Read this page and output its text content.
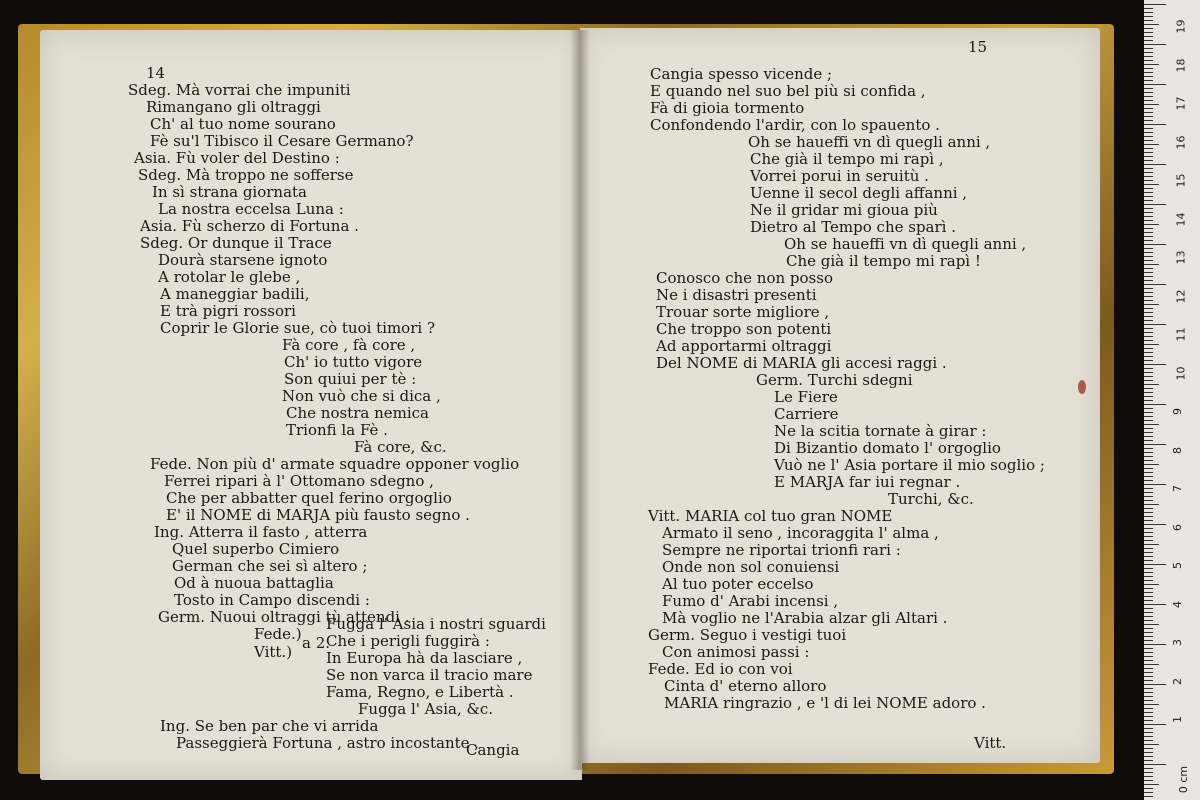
Sdeg. Mà vorrai che impuniti
Rimangano gli oltraggi
Ch' al tuo nome sourano
Fè su'l Tibisco il Cesare Germano?
Asia. Fù voler del Destino :
Sdeg. Mà troppo ne sofferse
In sì strana giornata
La nostra eccelsa Luna :
Asia. Fù scherzo di Fortuna .
Sdeg. Or dunque il Trace
Dourà starsene ignoto
A rotolar le glebe ,
A maneggiar badili,
E trà pigri rossori
Coprir le Glorie sue, cò tuoi timori ?
Fà core , fà core ,
Ch' io tutto vigore
Son quiui per tè :
Non vuò che si dica ,
Che nostra nemica
Trionfi la Fè .
Fà core, &c.
Fede. Non più d' armate squadre opponer voglio
Ferrei ripari à l' Ottomano sdegno ,
Che per abbatter quel ferino orgoglio
E' il NOME di MARJA più fausto segno .
Ing. Atterra il fasto , atterra
Quel superbo Cimiero
German che sei sì altero ;
Od à nuoua battaglia
Tosto in Campo discendi :
Germ. Nuoui oltraggi tù attendi .
Fede.)
Vitt.) a 2.
Fugga l' Asia i nostri sguardi
Che i perigli fuggirà :
In Europa hà da lasciare ,
Se non varca il tracio mare
Fama, Regno, e Libertà .
Fugga l' Asia, &c.
Ing. Se ben par che vi arrida
Passeggierà Fortuna , astro incostante ,
Cangia
Cangia spesso vicende ;
E quando nel suo bel più si confida ,
Fà di gioia tormento
Confondendo l'ardir, con lo spauento .
Oh se haueffi vn dì quegli anni ,
Che già il tempo mi rapì ,
Vorrei porui in seruitù .
Uenne il secol degli affanni ,
Ne il gridar mi gioua più
Dietro al Tempo che sparì .
Oh se haueffi vn dì quegli anni ,
Che già il tempo mi rapì !
Conosco che non posso
Ne i disastri presenti
Trouar sorte migliore ,
Che troppo son potenti
Ad apportarmi oltraggi
Del NOME di MARIA gli accesi raggi .
Germ. Turchi sdegni
Le Fiere
Carriere
Ne la scitia tornate à girar :
Di Bizantio domato l' orgoglio
Vuò ne l' Asia portare il mio soglio ;
E MARJA far iui regnar .
Turchi, &c.
Vitt. MARIA col tuo gran NOME
Armato il seno , incoraggita l' alma ,
Sempre ne riportai trionfi rari :
Onde non sol conuiensi
Al tuo poter eccelso
Fumo d' Arabi incensi ,
Mà voglio ne l'Arabia alzar gli Altari .
Germ. Seguo i vestigi tuoi
Con animosi passi :
Fede. Ed io con voi
Cinta d' eterno alloro
MARIA ringrazio , e 'l di lei NOME adoro .
Vitt.
19
18
17
16
15
14
13
12
11
10
9
8
7
6
5
4
3
2
1
0 cm
14
15
